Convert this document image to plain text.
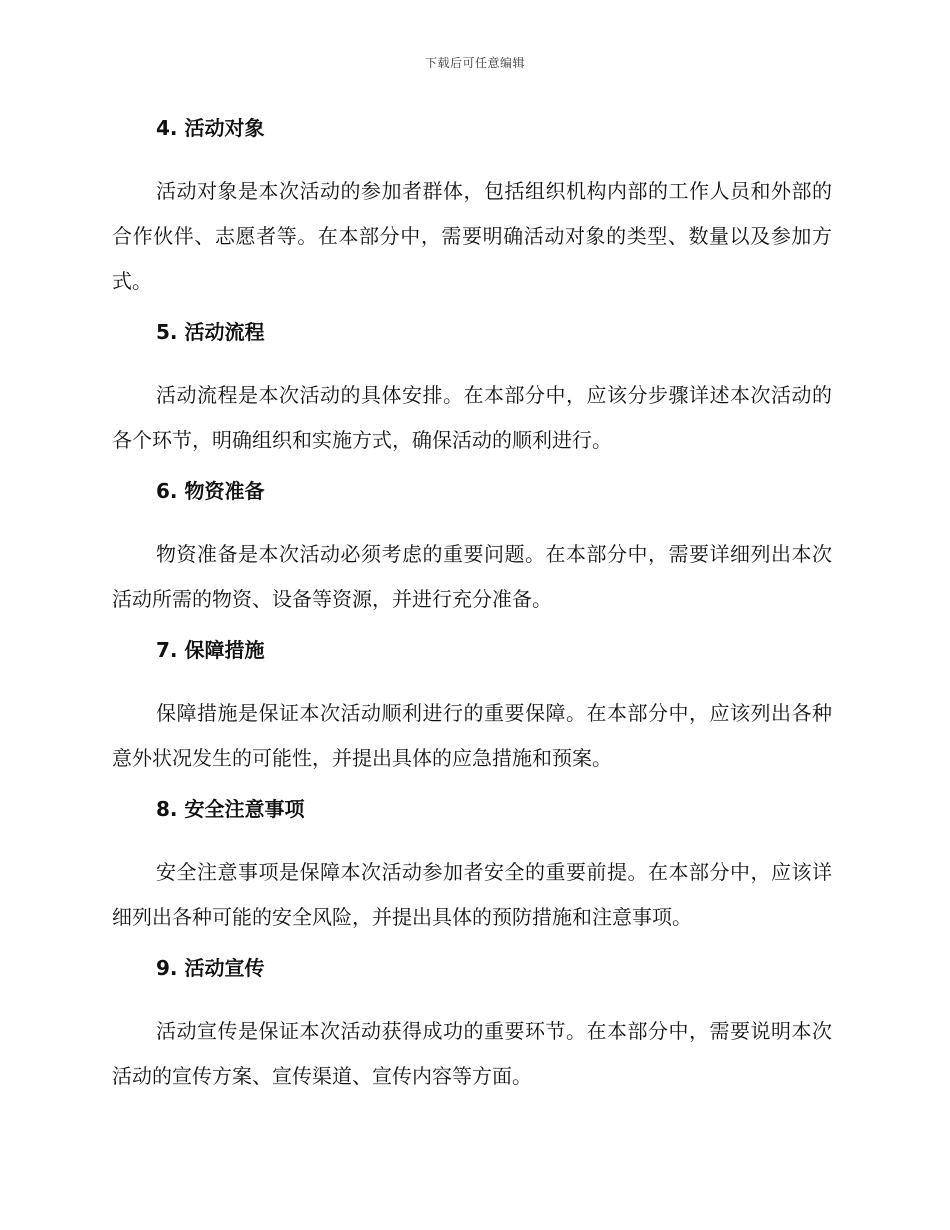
下载后可任意编辑
4. 活动对象

活动对象是本次活动的参加者群体，包括组织机构内部的工作人员和外部的合作伙伴、志愿者等。在本部分中，需要明确活动对象的类型、数量以及参加方式。

5. 活动流程

活动流程是本次活动的具体安排。在本部分中，应该分步骤详述本次活动的各个环节，明确组织和实施方式，确保活动的顺利进行。

6. 物资准备

物资准备是本次活动必须考虑的重要问题。在本部分中，需要详细列出本次活动所需的物资、设备等资源，并进行充分准备。

7. 保障措施

保障措施是保证本次活动顺利进行的重要保障。在本部分中，应该列出各种意外状况发生的可能性，并提出具体的应急措施和预案。

8. 安全注意事项

安全注意事项是保障本次活动参加者安全的重要前提。在本部分中，应该详细列出各种可能的安全风险，并提出具体的预防措施和注意事项。

9. 活动宣传

活动宣传是保证本次活动获得成功的重要环节。在本部分中，需要说明本次活动的宣传方案、宣传渠道、宣传内容等方面。
